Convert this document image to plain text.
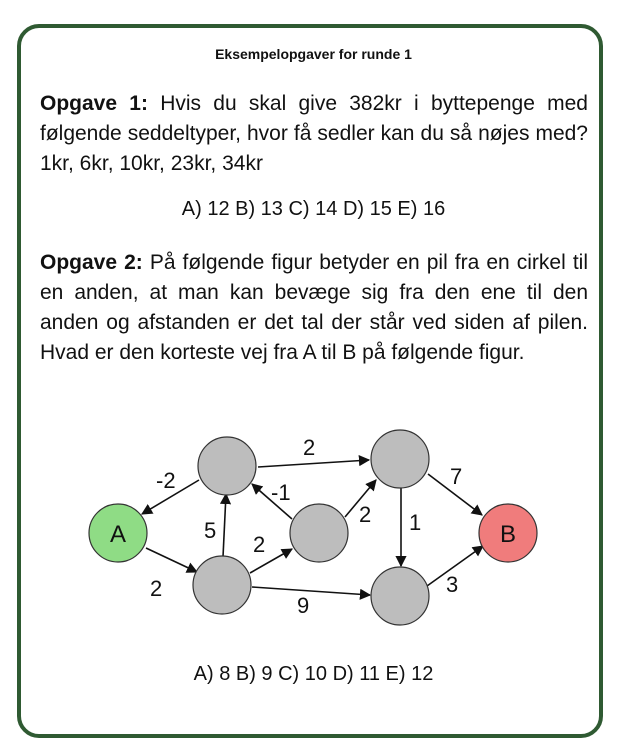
Eksempelopgaver for runde 1
Opgave 1: Hvis du skal give 382kr i byttepenge med følgende seddeltyper, hvor få sedler kan du så nøjes med? 1kr, 6kr, 10kr, 23kr, 34kr
A) 12 B) 13 C) 14 D) 15 E) 16
Opgave 2: På følgende figur betyder en pil fra en cirkel til en anden, at man kan bevæge sig fra den ene til den anden og afstanden er det tal der står ved siden af pilen. Hvad er den korteste vej fra A til B på følgende figur.
A	B
-2
2
5
2
-1
2
2 1
7
9
3
A) 8 B) 9 C) 10 D) 11 E) 12
